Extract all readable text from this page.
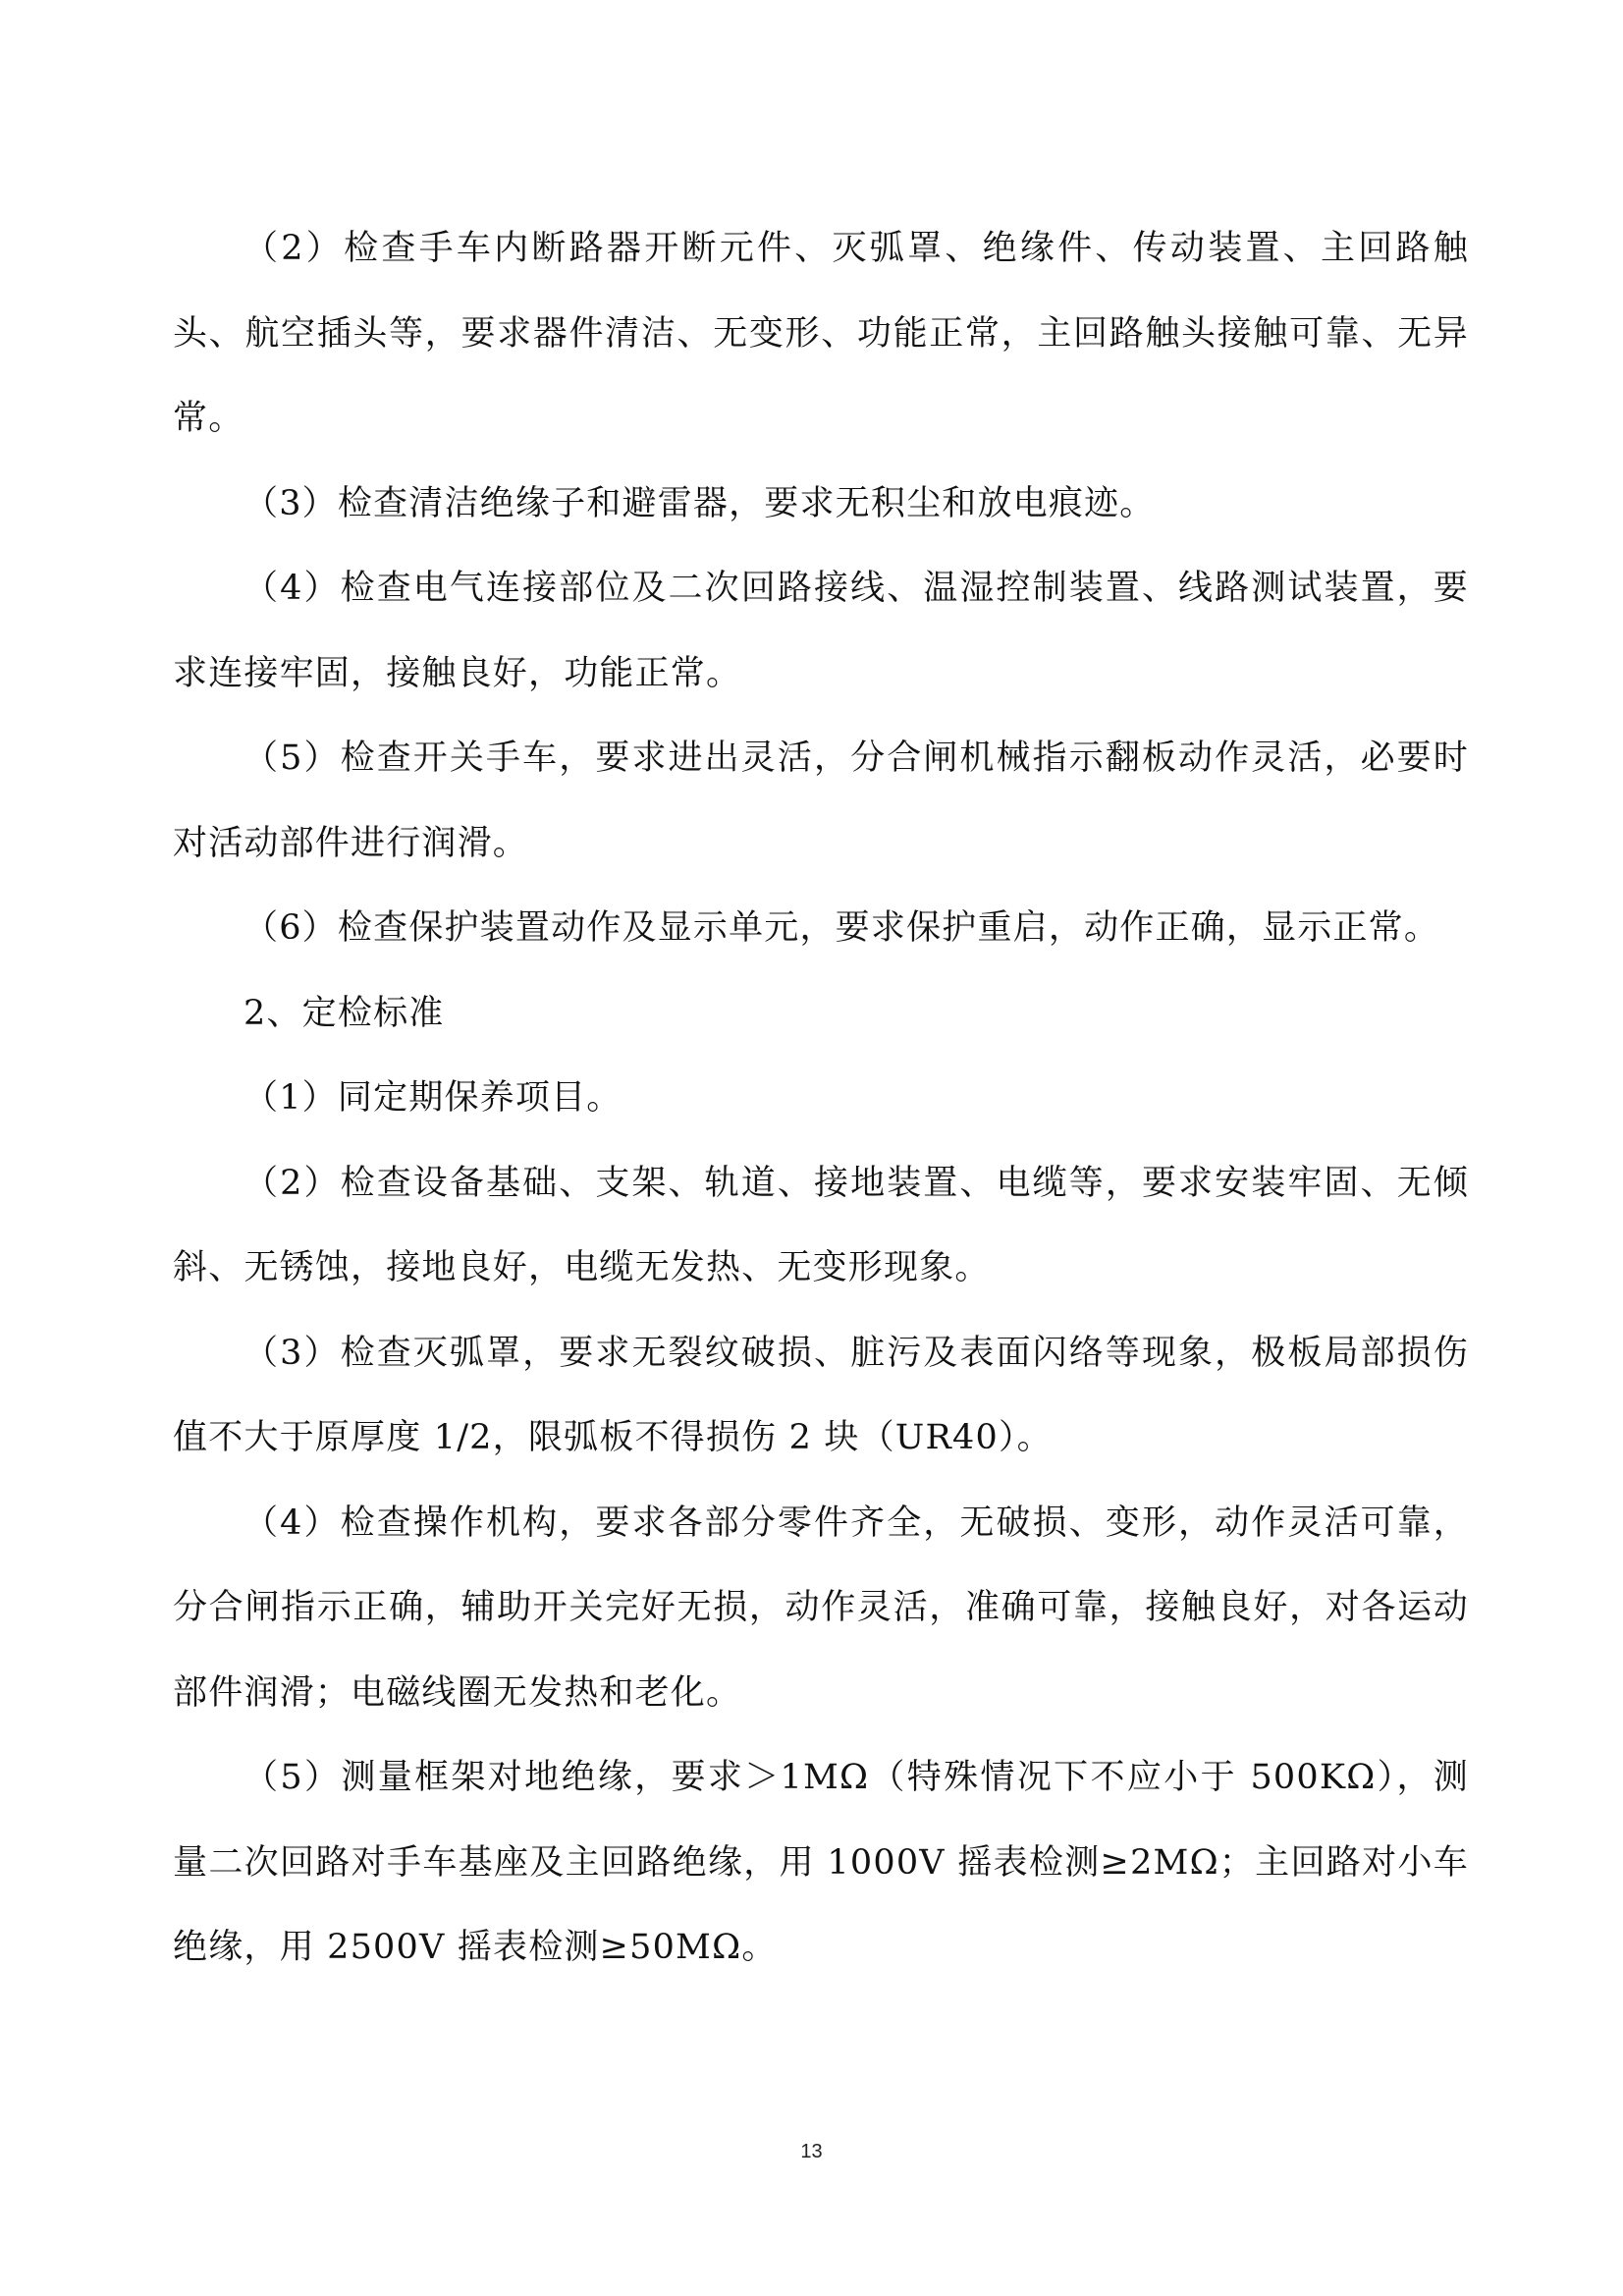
（2）检查手车内断路器开断元件、灭弧罩、绝缘件、传动装置、主回路触头、航空插头等，要求器件清洁、无变形、功能正常，主回路触头接触可靠、无异常。

（3）检查清洁绝缘子和避雷器，要求无积尘和放电痕迹。

（4）检查电气连接部位及二次回路接线、温湿控制装置、线路测试装置，要求连接牢固，接触良好，功能正常。

（5）检查开关手车，要求进出灵活，分合闸机械指示翻板动作灵活，必要时对活动部件进行润滑。

（6）检查保护装置动作及显示单元，要求保护重启，动作正确，显示正常。

2、定检标准

（1）同定期保养项目。

（2）检查设备基础、支架、轨道、接地装置、电缆等，要求安装牢固、无倾斜、无锈蚀，接地良好，电缆无发热、无变形现象。

（3）检查灭弧罩，要求无裂纹破损、脏污及表面闪络等现象，极板局部损伤值不大于原厚度 1/2，限弧板不得损伤 2 块（UR40）。

（4）检查操作机构，要求各部分零件齐全，无破损、变形，动作灵活可靠，分合闸指示正确，辅助开关完好无损，动作灵活，准确可靠，接触良好，对各运动部件润滑；电磁线圈无发热和老化。

（5）测量框架对地绝缘，要求＞1MΩ（特殊情况下不应小于 500KΩ），测量二次回路对手车基座及主回路绝缘，用 1000V 摇表检测≥2MΩ；主回路对小车绝缘，用 2500V 摇表检测≥50MΩ。

13
